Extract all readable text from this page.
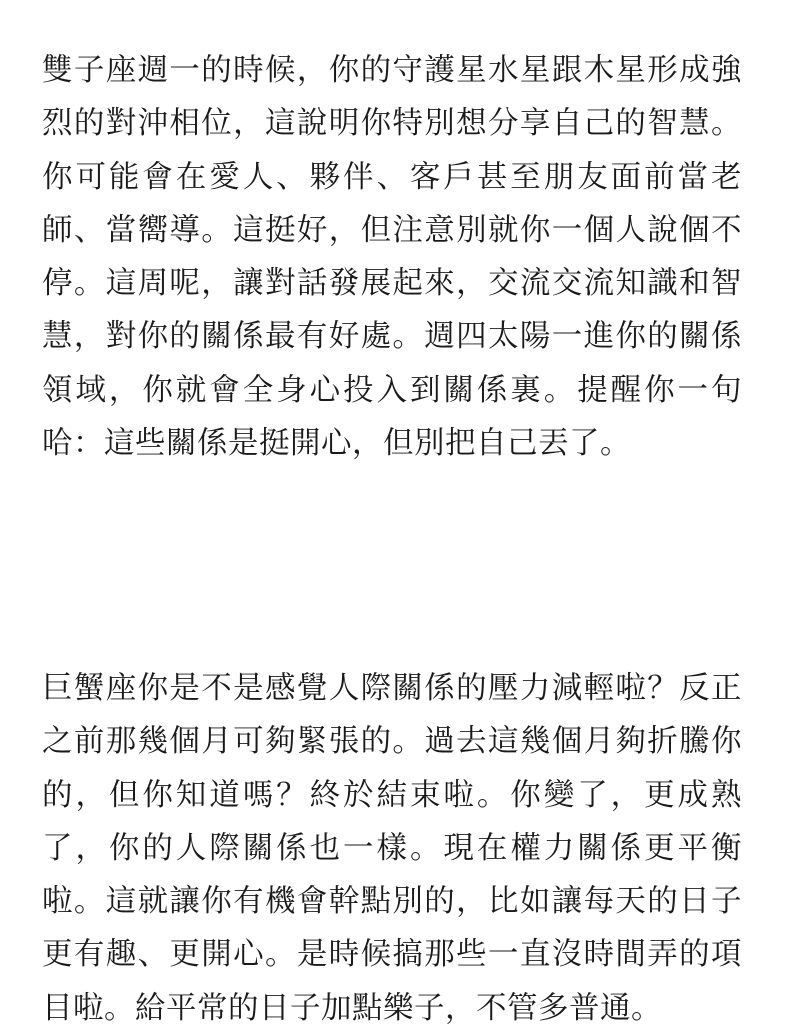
雙子座週一的時候，你的守護星水星跟木星形成強烈的對沖相位，這說明你特別想分享自己的智慧。你可能會在愛人、夥伴、客戶甚至朋友面前當老師、當嚮導。這挺好，但注意別就你一個人說個不停。這周呢，讓對話發展起來，交流交流知識和智慧，對你的關係最有好處。週四太陽一進你的關係領域，你就會全身心投入到關係裏。提醒你一句哈：這些關係是挺開心，但別把自己丟了。

巨蟹座你是不是感覺人際關係的壓力減輕啦？反正之前那幾個月可夠緊張的。過去這幾個月夠折騰你的，但你知道嗎？終於結束啦。你變了，更成熟了，你的人際關係也一樣。現在權力關係更平衡啦。這就讓你有機會幹點別的，比如讓每天的日子更有趣、更開心。是時候搞那些一直沒時間弄的項目啦。給平常的日子加點樂子，不管多普通。
